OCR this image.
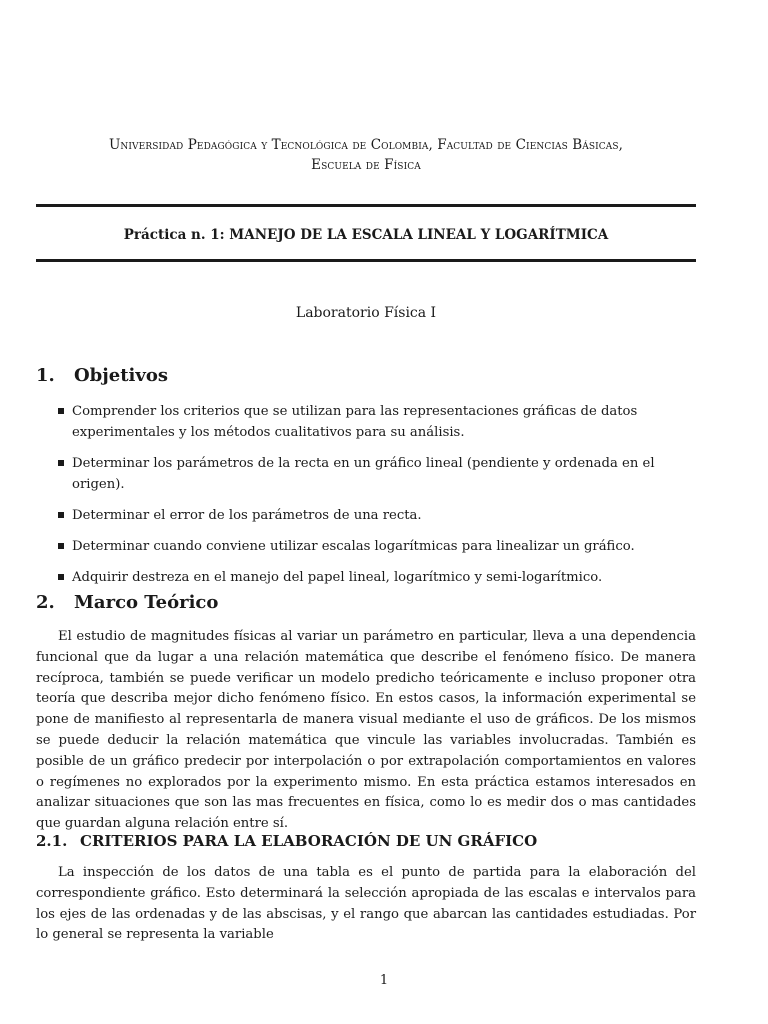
Universidad Pedagógica y Tecnológica de Colombia, Facultad de Ciencias Básicas,
Escuela de Física
Práctica n. 1: MANEJO DE LA ESCALA LINEAL Y LOGARÍTMICA
Laboratorio Física I
1. Objetivos
Comprender los criterios que se utilizan para las representaciones gráficas de datos experimentales y los métodos cualitativos para su análisis.
Determinar los parámetros de la recta en un gráfico lineal (pendiente y ordenada en el origen).
Determinar el error de los parámetros de una recta.
Determinar cuando conviene utilizar escalas logarítmicas para linealizar un gráfico.
Adquirir destreza en el manejo del papel lineal, logarítmico y semi-logarítmico.
2. Marco Teórico

El estudio de magnitudes físicas al variar un parámetro en particular, lleva a una dependencia funcional que da lugar a una relación matemática que describe el fenómeno físico. De manera recíproca, también se puede verificar un modelo predicho teóricamente e incluso proponer otra teoría que describa mejor dicho fenómeno físico. En estos casos, la información experimental se pone de manifiesto al representarla de manera visual mediante el uso de gráficos. De los mismos se puede deducir la relación matemática que vincule las variables involucradas. También es posible de un gráfico predecir por interpolación o por extrapolación comportamientos en valores o regímenes no explorados por la experimento mismo. En esta práctica estamos interesados en analizar situaciones que son las mas frecuentes en física, como lo es medir dos o mas cantidades que guardan alguna relación entre sí.

2.1. CRITERIOS PARA LA ELABORACIÓN DE UN GRÁFICO

La inspección de los datos de una tabla es el punto de partida para la elaboración del correspondiente gráfico. Esto determinará la selección apropiada de las escalas e intervalos para los ejes de las ordenadas y de las abscisas, y el rango que abarcan las cantidades estudiadas. Por lo general se representa la variable

1
